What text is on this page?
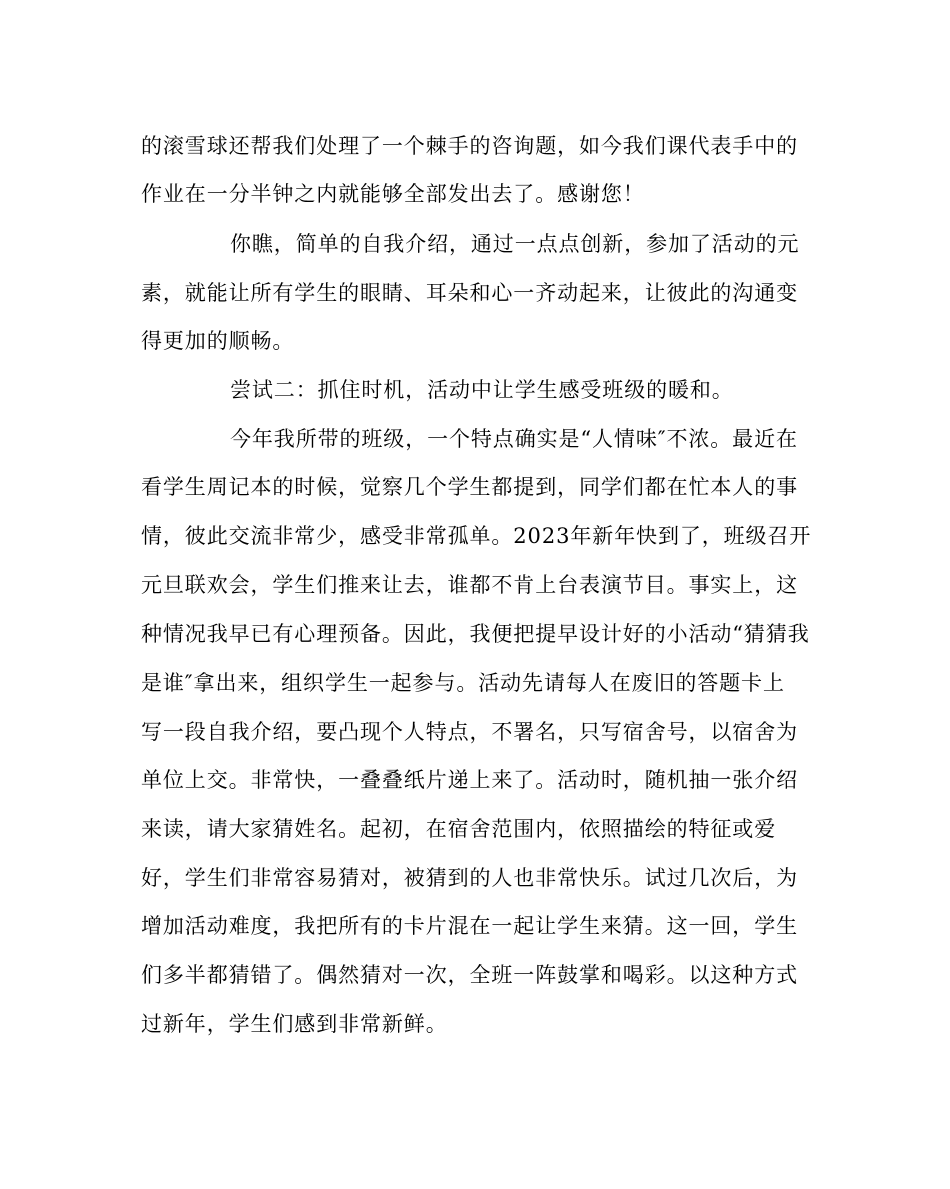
的滚雪球还帮我们处理了一个棘手的咨询题，如今我们课代表手中的
作业在一分半钟之内就能够全部发出去了。感谢您！
你瞧，简单的自我介绍，通过一点点创新，参加了活动的元
素，就能让所有学生的眼睛、耳朵和心一齐动起来，让彼此的沟通变
得更加的顺畅。
尝试二：抓住时机，活动中让学生感受班级的暖和。
今年我所带的班级，一个特点确实是“人情味″不浓。最近在
看学生周记本的时候，觉察几个学生都提到，同学们都在忙本人的事
情，彼此交流非常少，感受非常孤单。2023年新年快到了，班级召开
元旦联欢会，学生们推来让去，谁都不肯上台表演节目。事实上，这
种情况我早已有心理预备。因此，我便把提早设计好的小活动“猜猜我
是谁″拿出来，组织学生一起参与。活动先请每人在废旧的答题卡上
写一段自我介绍，要凸现个人特点，不署名，只写宿舍号，以宿舍为
单位上交。非常快，一叠叠纸片递上来了。活动时，随机抽一张介绍
来读，请大家猜姓名。起初，在宿舍范围内，依照描绘的特征或爱
好，学生们非常容易猜对，被猜到的人也非常快乐。试过几次后，为
增加活动难度，我把所有的卡片混在一起让学生来猜。这一回，学生
们多半都猜错了。偶然猜对一次，全班一阵鼓掌和喝彩。以这种方式
过新年，学生们感到非常新鲜。
